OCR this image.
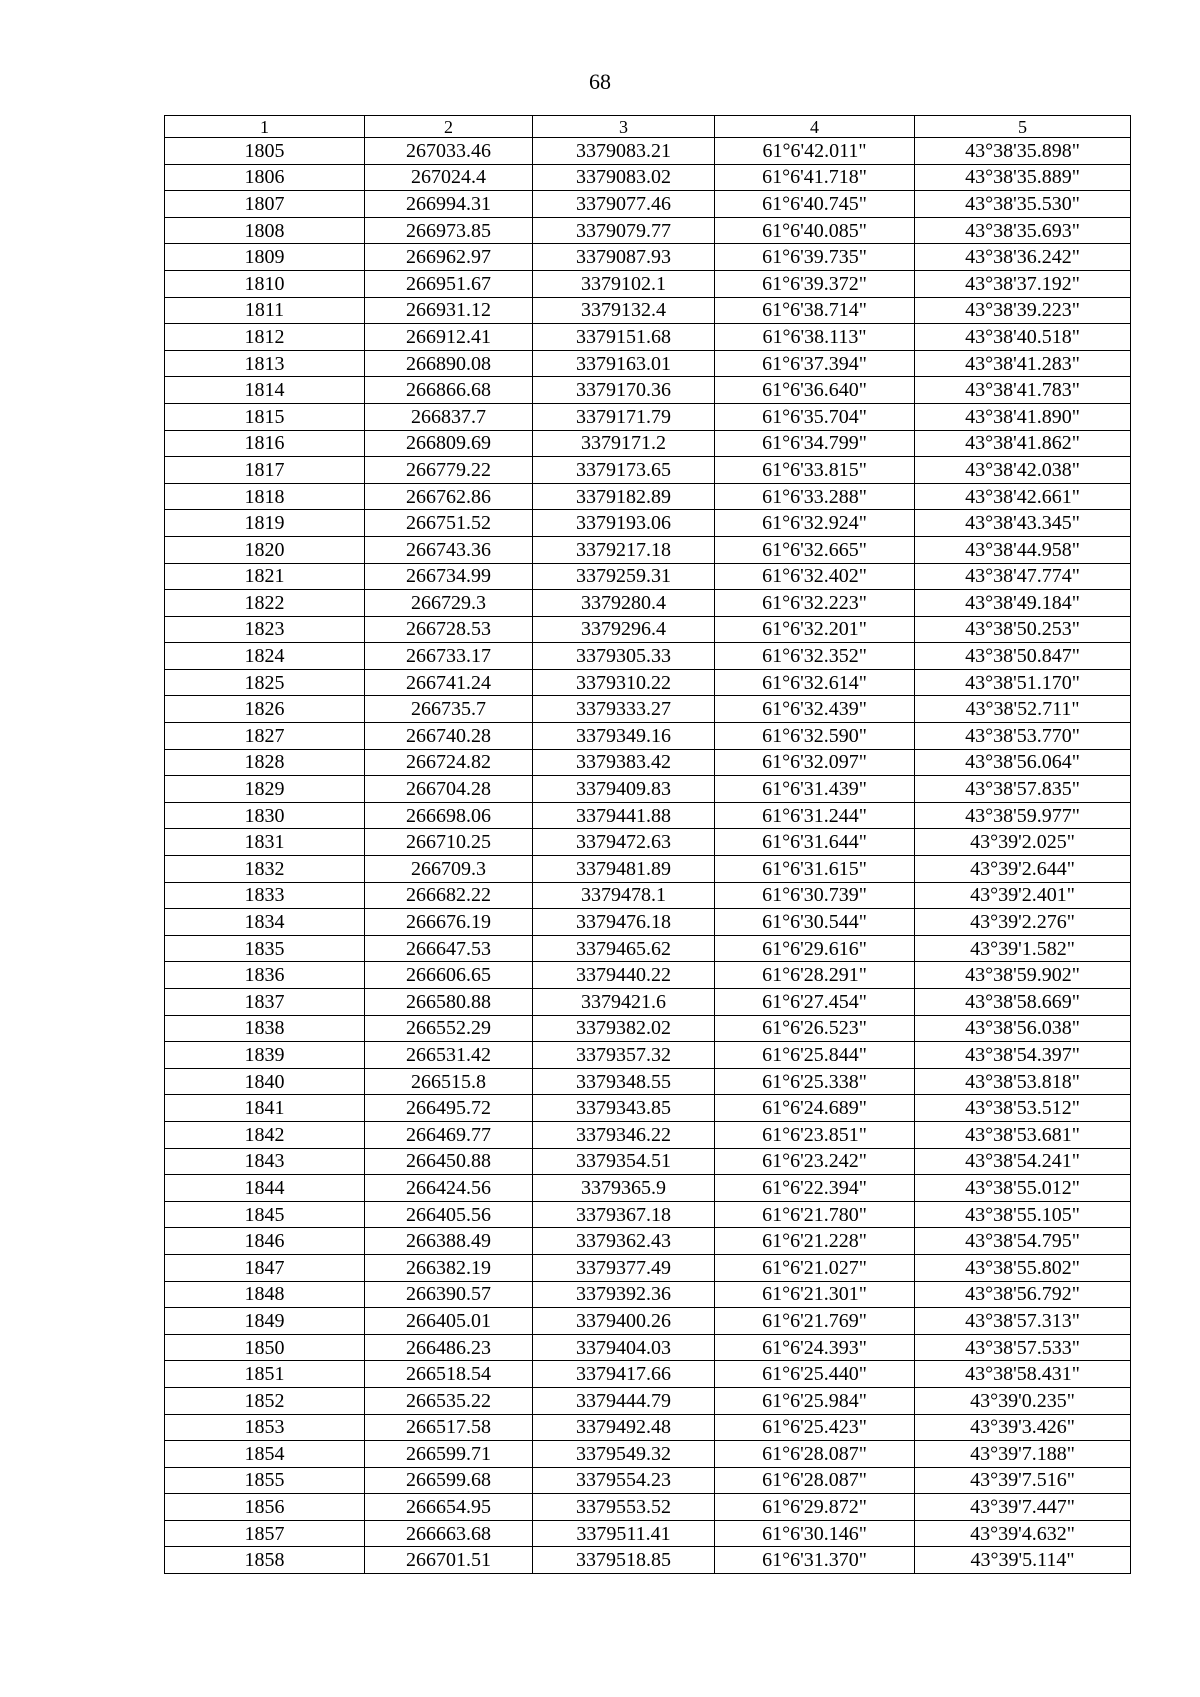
68
1	2	3	4	5
1805	267033.46	3379083.21	61°6'42.011"	43°38'35.898"
1806	267024.4	3379083.02	61°6'41.718"	43°38'35.889"
1807	266994.31	3379077.46	61°6'40.745"	43°38'35.530"
1808	266973.85	3379079.77	61°6'40.085"	43°38'35.693"
1809	266962.97	3379087.93	61°6'39.735"	43°38'36.242"
1810	266951.67	3379102.1	61°6'39.372"	43°38'37.192"
1811	266931.12	3379132.4	61°6'38.714"	43°38'39.223"
1812	266912.41	3379151.68	61°6'38.113"	43°38'40.518"
1813	266890.08	3379163.01	61°6'37.394"	43°38'41.283"
1814	266866.68	3379170.36	61°6'36.640"	43°38'41.783"
1815	266837.7	3379171.79	61°6'35.704"	43°38'41.890"
1816	266809.69	3379171.2	61°6'34.799"	43°38'41.862"
1817	266779.22	3379173.65	61°6'33.815"	43°38'42.038"
1818	266762.86	3379182.89	61°6'33.288"	43°38'42.661"
1819	266751.52	3379193.06	61°6'32.924"	43°38'43.345"
1820	266743.36	3379217.18	61°6'32.665"	43°38'44.958"
1821	266734.99	3379259.31	61°6'32.402"	43°38'47.774"
1822	266729.3	3379280.4	61°6'32.223"	43°38'49.184"
1823	266728.53	3379296.4	61°6'32.201"	43°38'50.253"
1824	266733.17	3379305.33	61°6'32.352"	43°38'50.847"
1825	266741.24	3379310.22	61°6'32.614"	43°38'51.170"
1826	266735.7	3379333.27	61°6'32.439"	43°38'52.711"
1827	266740.28	3379349.16	61°6'32.590"	43°38'53.770"
1828	266724.82	3379383.42	61°6'32.097"	43°38'56.064"
1829	266704.28	3379409.83	61°6'31.439"	43°38'57.835"
1830	266698.06	3379441.88	61°6'31.244"	43°38'59.977"
1831	266710.25	3379472.63	61°6'31.644"	43°39'2.025"
1832	266709.3	3379481.89	61°6'31.615"	43°39'2.644"
1833	266682.22	3379478.1	61°6'30.739"	43°39'2.401"
1834	266676.19	3379476.18	61°6'30.544"	43°39'2.276"
1835	266647.53	3379465.62	61°6'29.616"	43°39'1.582"
1836	266606.65	3379440.22	61°6'28.291"	43°38'59.902"
1837	266580.88	3379421.6	61°6'27.454"	43°38'58.669"
1838	266552.29	3379382.02	61°6'26.523"	43°38'56.038"
1839	266531.42	3379357.32	61°6'25.844"	43°38'54.397"
1840	266515.8	3379348.55	61°6'25.338"	43°38'53.818"
1841	266495.72	3379343.85	61°6'24.689"	43°38'53.512"
1842	266469.77	3379346.22	61°6'23.851"	43°38'53.681"
1843	266450.88	3379354.51	61°6'23.242"	43°38'54.241"
1844	266424.56	3379365.9	61°6'22.394"	43°38'55.012"
1845	266405.56	3379367.18	61°6'21.780"	43°38'55.105"
1846	266388.49	3379362.43	61°6'21.228"	43°38'54.795"
1847	266382.19	3379377.49	61°6'21.027"	43°38'55.802"
1848	266390.57	3379392.36	61°6'21.301"	43°38'56.792"
1849	266405.01	3379400.26	61°6'21.769"	43°38'57.313"
1850	266486.23	3379404.03	61°6'24.393"	43°38'57.533"
1851	266518.54	3379417.66	61°6'25.440"	43°38'58.431"
1852	266535.22	3379444.79	61°6'25.984"	43°39'0.235"
1853	266517.58	3379492.48	61°6'25.423"	43°39'3.426"
1854	266599.71	3379549.32	61°6'28.087"	43°39'7.188"
1855	266599.68	3379554.23	61°6'28.087"	43°39'7.516"
1856	266654.95	3379553.52	61°6'29.872"	43°39'7.447"
1857	266663.68	3379511.41	61°6'30.146"	43°39'4.632"
1858	266701.51	3379518.85	61°6'31.370"	43°39'5.114"
